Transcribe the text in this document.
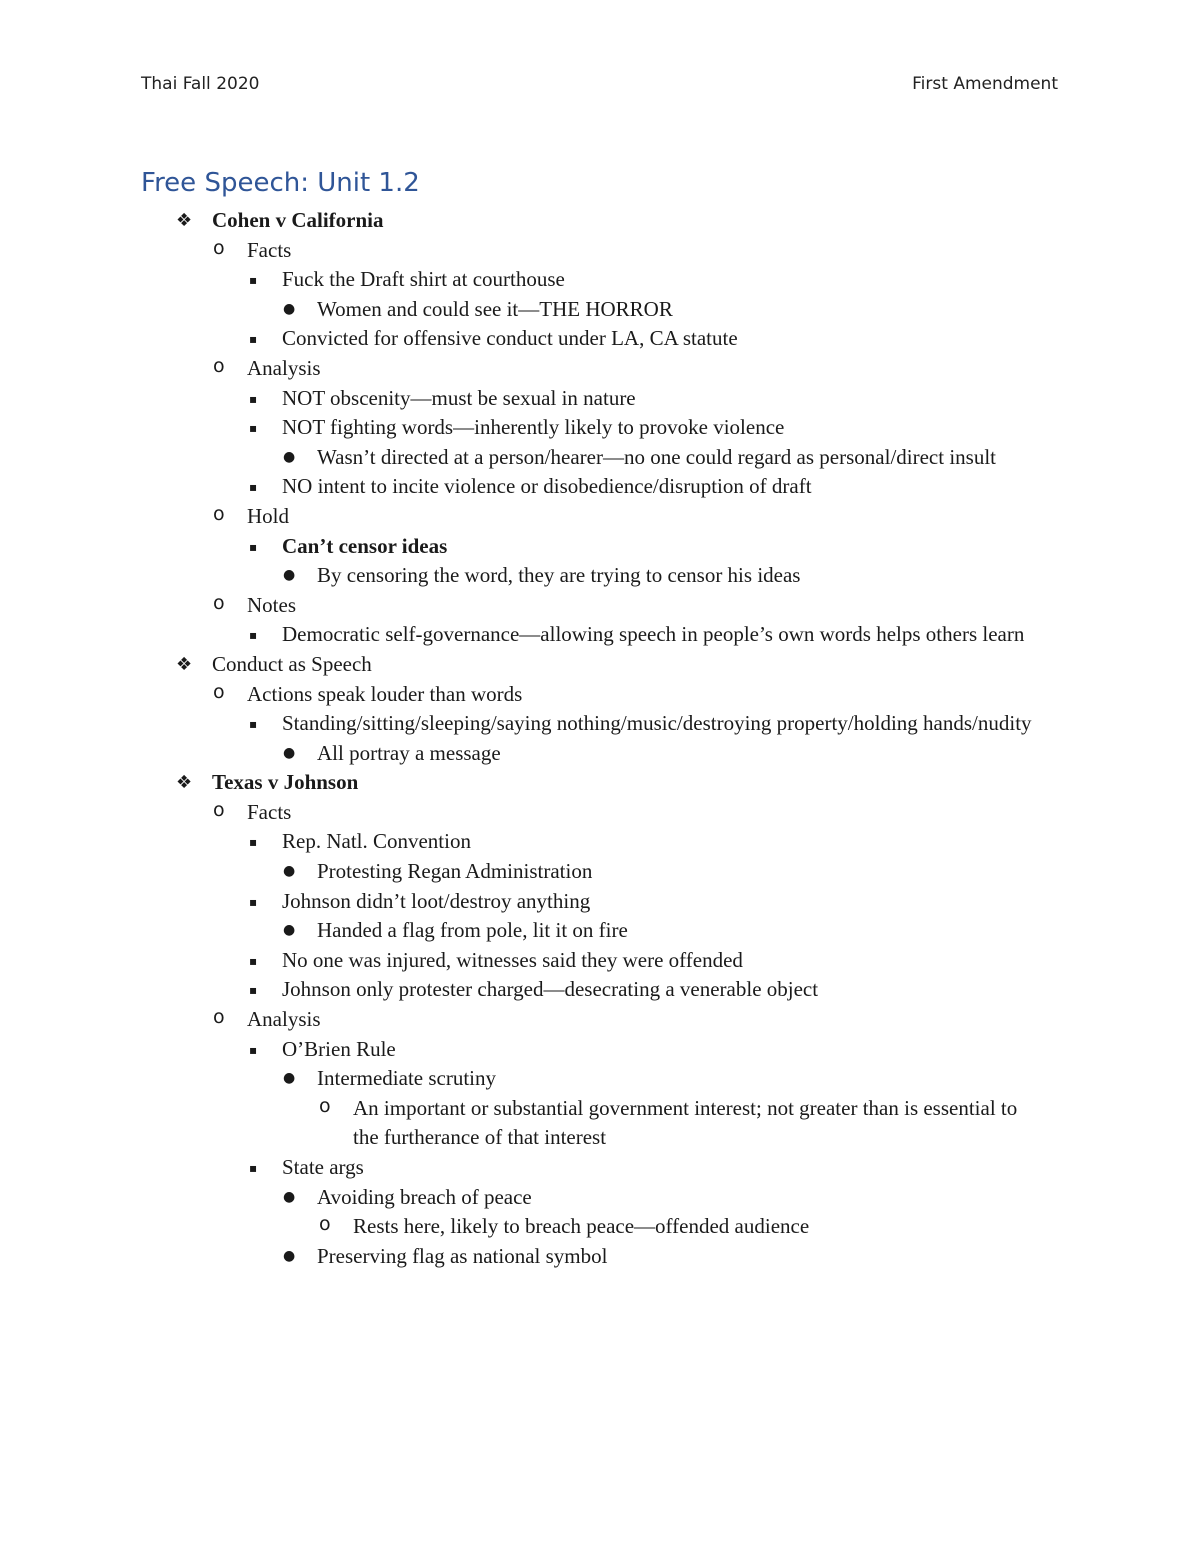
Thai Fall 2020	First Amendment
Free Speech: Unit 1.2
❖ Cohen v California
o Facts
▪ Fuck the Draft shirt at courthouse
● Women and could see it—THE HORROR
▪ Convicted for offensive conduct under LA, CA statute
o Analysis
▪ NOT obscenity—must be sexual in nature
▪ NOT fighting words—inherently likely to provoke violence
● Wasn’t directed at a person/hearer—no one could regard as personal/direct insult
▪ NO intent to incite violence or disobedience/disruption of draft
o Hold
▪ Can’t censor ideas
● By censoring the word, they are trying to censor his ideas
o Notes
▪ Democratic self-governance—allowing speech in people’s own words helps others learn
❖ Conduct as Speech
o Actions speak louder than words
▪ Standing/sitting/sleeping/saying nothing/music/destroying property/holding hands/nudity
● All portray a message
❖ Texas v Johnson
o Facts
▪ Rep. Natl. Convention
● Protesting Regan Administration
▪ Johnson didn’t loot/destroy anything
● Handed a flag from pole, lit it on fire
▪ No one was injured, witnesses said they were offended
▪ Johnson only protester charged—desecrating a venerable object
o Analysis
▪ O’Brien Rule
● Intermediate scrutiny
o An important or substantial government interest; not greater than is essential to the furtherance of that interest
▪ State args
● Avoiding breach of peace
o Rests here, likely to breach peace—offended audience
● Preserving flag as national symbol
